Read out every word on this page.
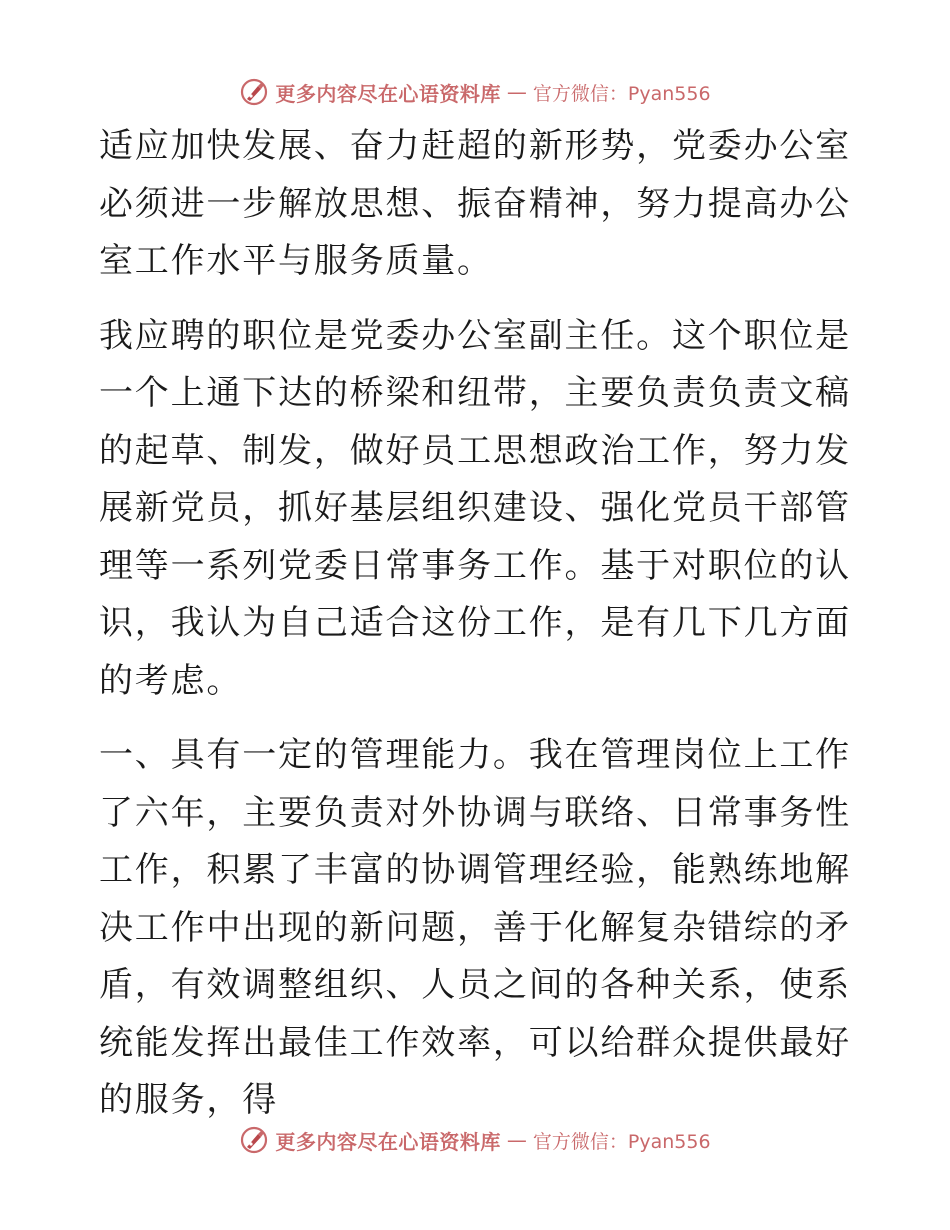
更多内容尽在心语资料库 — 官方微信：Pyan556

适应加快发展、奋力赶超的新形势，党委办公室必须进一步解放思想、振奋精神，努力提高办公室工作水平与服务质量。

我应聘的职位是党委办公室副主任。这个职位是一个上通下达的桥梁和纽带，主要负责负责文稿的起草、制发，做好员工思想政治工作，努力发展新党员，抓好基层组织建设、强化党员干部管理等一系列党委日常事务工作。基于对职位的认识，我认为自己适合这份工作，是有几下几方面的考虑。

一、具有一定的管理能力。我在管理岗位上工作了六年，主要负责对外协调与联络、日常事务性工作，积累了丰富的协调管理经验，能熟练地解决工作中出现的新问题，善于化解复杂错综的矛盾，有效调整组织、人员之间的各种关系，使系统能发挥出最佳工作效率，可以给群众提供最好的服务，得

更多内容尽在心语资料库 — 官方微信：Pyan556
